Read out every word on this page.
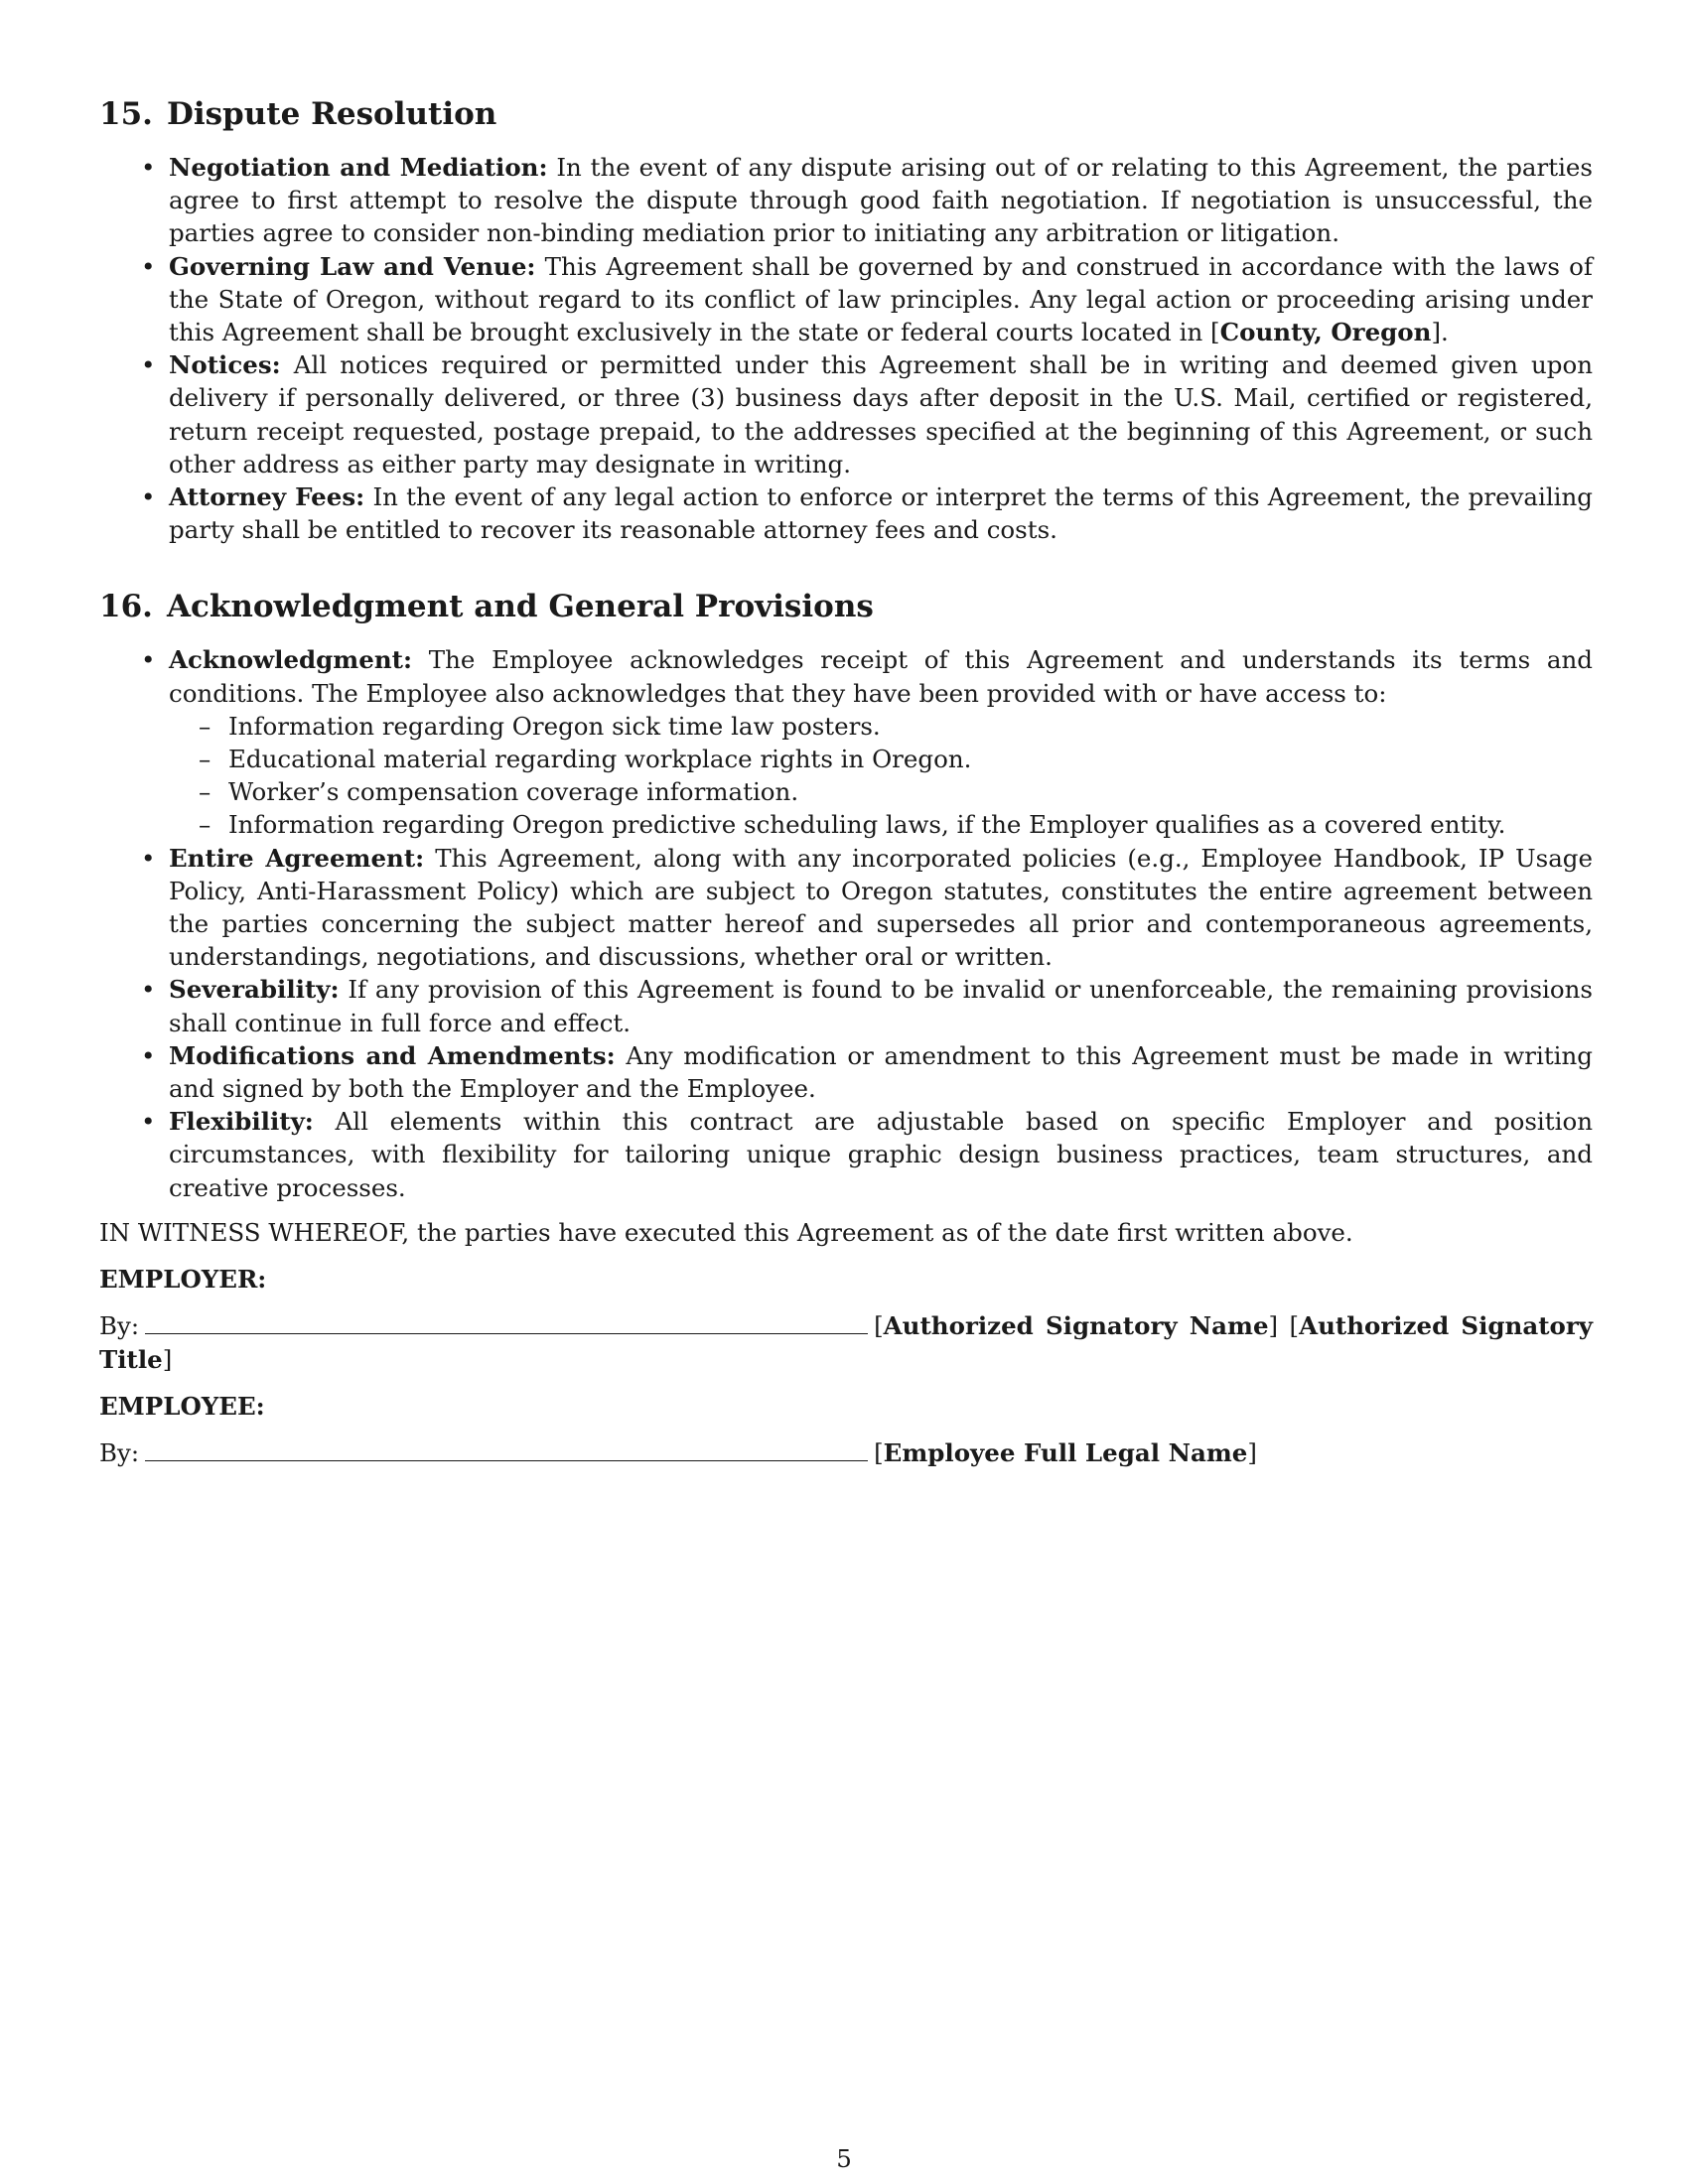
15. Dispute Resolution
• Negotiation and Mediation: In the event of any dispute arising out of or relating to this Agreement, the parties agree to first attempt to resolve the dispute through good faith negotiation. If negotiation is unsuccessful, the parties agree to consider non-binding mediation prior to initiating any arbitration or litigation.
• Governing Law and Venue: This Agreement shall be governed by and construed in accordance with the laws of the State of Oregon, without regard to its conflict of law principles. Any legal action or proceeding arising under this Agreement shall be brought exclusively in the state or federal courts located in [County, Oregon].
• Notices: All notices required or permitted under this Agreement shall be in writing and deemed given upon delivery if personally delivered, or three (3) business days after deposit in the U.S. Mail, certified or registered, return receipt requested, postage prepaid, to the addresses specified at the beginning of this Agreement, or such other address as either party may designate in writing.
• Attorney Fees: In the event of any legal action to enforce or interpret the terms of this Agreement, the prevailing party shall be entitled to recover its reasonable attorney fees and costs.
16. Acknowledgment and General Provisions
• Acknowledgment: The Employee acknowledges receipt of this Agreement and understands its terms and conditions. The Employee also acknowledges that they have been provided with or have access to:
– Information regarding Oregon sick time law posters.
– Educational material regarding workplace rights in Oregon.
– Worker’s compensation coverage information.
– Information regarding Oregon predictive scheduling laws, if the Employer qualifies as a covered entity.
• Entire Agreement: This Agreement, along with any incorporated policies (e.g., Employee Handbook, IP Usage Policy, Anti-Harassment Policy) which are subject to Oregon statutes, constitutes the entire agreement between the parties concerning the subject matter hereof and supersedes all prior and contemporaneous agreements, understandings, negotiations, and discussions, whether oral or written.
• Severability: If any provision of this Agreement is found to be invalid or unenforceable, the remaining provisions shall continue in full force and effect.
• Modifications and Amendments: Any modification or amendment to this Agreement must be made in writing and signed by both the Employer and the Employee.
• Flexibility: All elements within this contract are adjustable based on specific Employer and position circumstances, with flexibility for tailoring unique graphic design business practices, team structures, and creative processes.

IN WITNESS WHEREOF, the parties have executed this Agreement as of the date first written above.

EMPLOYER:

By:	[Authorized Signatory Name] [Authorized Signatory Title]

EMPLOYEE:

By:	[Employee Full Legal Name]

5
